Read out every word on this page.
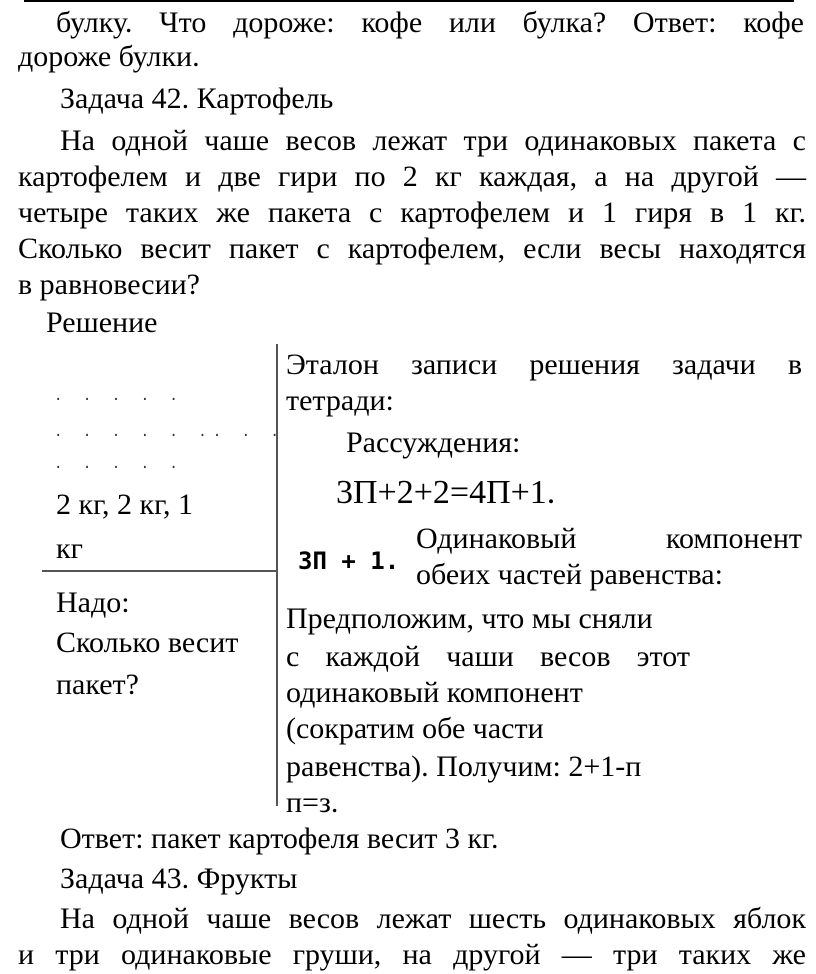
булку. Что дороже: кофе или булка? Ответ: кофе
дороже булки.
Задача 42. Картофель
На одной чаше весов лежат три одинаковых пакета с
картофелем и две гири по 2 кг каждая, а на другой —
четыре таких же пакета с картофелем и 1 гиря в 1 кг.
Сколько весит пакет с картофелем, если весы находятся
в равновесии?
Решение
· · · · ·
· · · · · ·· · ·
· · · · ·
2 кг, 2 кг, 1
кг
Надо:
Сколько весит
пакет?
Эталон записи решения задачи в
тетради:
Рассуждения:
3П+2+2=4П+1.
3П + 1.
Одинаковый компонент
обеих частей равенства:
Предположим, что мы сняли
с каждой чаши весов этот
одинаковый компонент
(сократим обе части
равенства). Получим: 2+1-п
п=з.
Ответ: пакет картофеля весит 3 кг.
Задача 43. Фрукты
На одной чаше весов лежат шесть одинаковых яблок
и три одинаковые груши, на другой — три таких же
